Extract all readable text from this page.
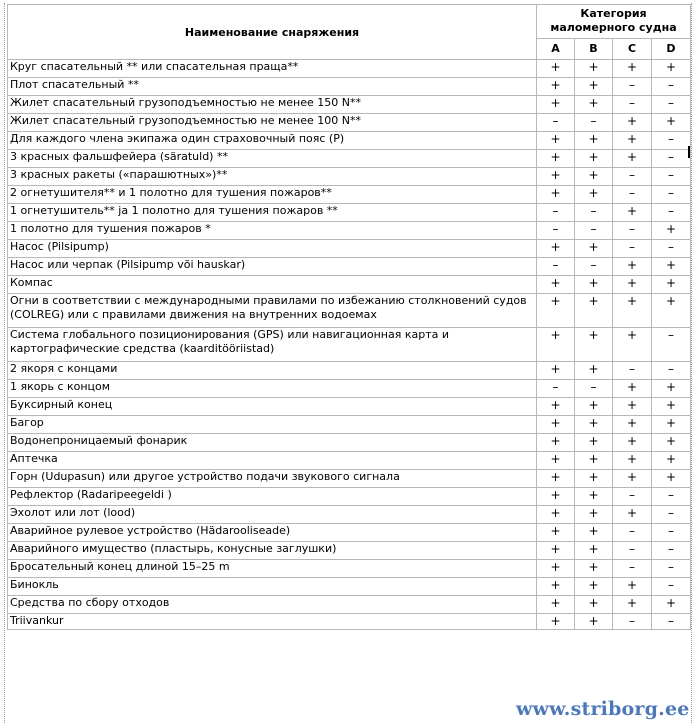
Наименование снаряжения	Категория
маломерного судна			
	A	B	C	D
Круг спасательный ** или спасательная праща**	+	+	+	+
Плот спасательный **	+	+	–	–
Жилет спасательный грузоподъемностью не менее 150 N**	+	+	–	–
Жилет спасательный грузоподъемностью не менее 100 N**	–	–	+	+
Для каждого члена экипажа один страховочный пояс (P)	+	+	+	–
3 красных фальшфейера (säratuld) **	+	+	+	–
3 красных ракеты («парашютных»)**	+	+	–	–
2 огнетушителя** и 1 полотно для тушения пожаров**	+	+	–	–
1 огнетушитель** ja 1 полотно для тушения пожаров **	–	–	+	–
1 полотно для тушения пожаров *	–	–	–	+
Насос (Pilsipump)	+	+	–	–
Насос или черпак (Pilsipump või hauskar)	–	–	+	+
Компас	+	+	+	+
Огни в соответствии с международными правилами по избежанию столкновений судов (COLREG) или с правилами движения на внутренних водоемах	+	+	+	+
Система глобального позиционирования (GPS) или навигационная карта и картографические средства (kaarditööriistad)	+	+	+	–
2 якоря с концами	+	+	–	–
1 якорь с концом	–	–	+	+
Буксирный конец	+	+	+	+
Багор	+	+	+	+
Водонепроницаемый фонарик	+	+	+	+
Аптечка	+	+	+	+
Горн (Udupasun) или другое устройство подачи звукового сигнала	+	+	+	+
Рефлектор (Radaripeegeldi )	+	+	–	–
Эхолот или лот (lood)	+	+	+	–
Аварийное рулевое устройство (Hädarooliseade)	+	+	–	–
Аварийного имущество (пластырь, конусные заглушки)	+	+	–	–
Бросательный конец длиной 15–25 m	+	+	–	–
Бинокль	+	+	+	–
Средства по сбору отходов	+	+	+	+
Triivankur	+	+	–	–
www.striborg.ee
